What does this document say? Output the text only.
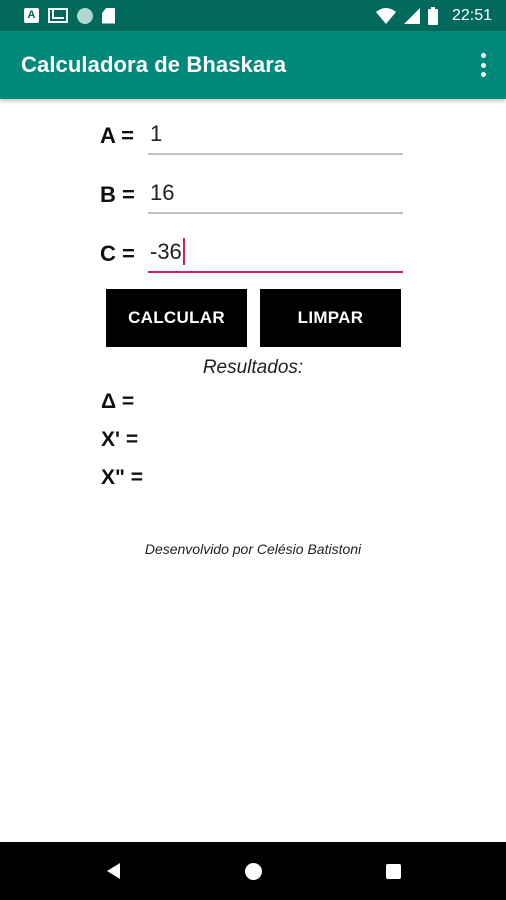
A	22:51
Calculadora de Bhaskara
A = 1
B = 16
C = -36
CALCULAR	LIMPAR
Resultados:
Δ =
X' =
X" =
Desenvolvido por Celésio Batistoni
